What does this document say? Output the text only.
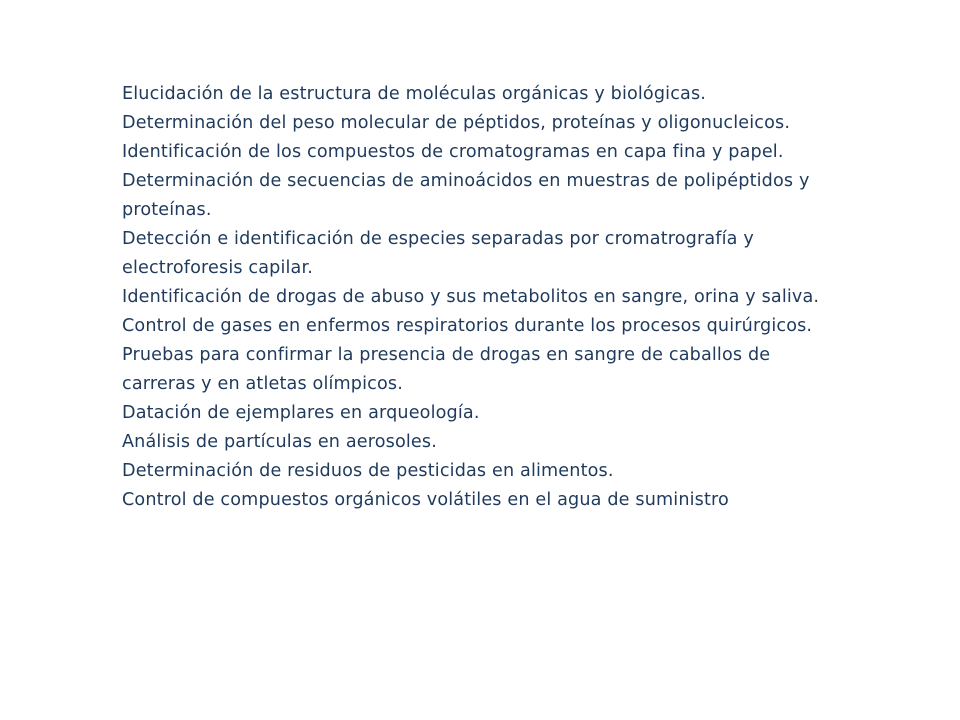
Elucidación de la estructura de moléculas orgánicas y biológicas.

Determinación del peso molecular de péptidos, proteínas y oligonucleicos.

Identificación de los compuestos de cromatogramas en capa fina y papel.

Determinación de secuencias de aminoácidos en muestras de polipéptidos y proteínas.

Detección e identificación de especies separadas por cromatrografía y electroforesis capilar.

Identificación de drogas de abuso y sus metabolitos en sangre, orina y saliva.

Control de gases en enfermos respiratorios durante los procesos quirúrgicos.

Pruebas para confirmar la presencia de drogas en sangre de caballos de carreras y en atletas olímpicos.

Datación de ejemplares en arqueología.

Análisis de partículas en aerosoles.

Determinación de residuos de pesticidas en alimentos.

Control de compuestos orgánicos volátiles en el agua de suministro
